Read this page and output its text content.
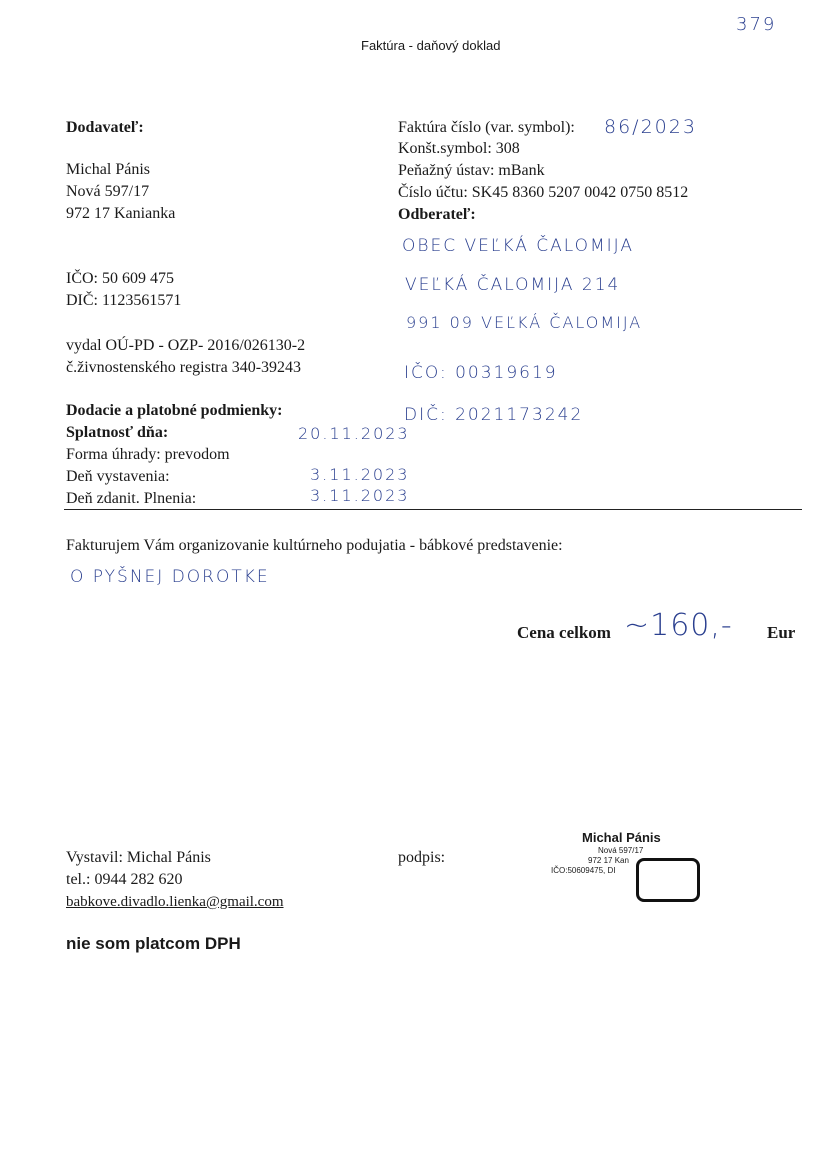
379
Faktúra - daňový doklad
Dodavateľ:
Michal Pánis
Nová 597/17
972 17 Kanianka
IČO: 50 609 475
DIČ: 1123561571
vydal OÚ-PD - OZP- 2016/026130-2
č.živnostenského registra 340-39243
Faktúra číslo (var. symbol): 86/2023
Konšt.symbol: 308
Peňažný ústav: mBank
Číslo účtu: SK45 8360 5207 0042 0750 8512
Odberateľ:
OBEC VEĽKÁ ČALOMIJA
VEĽKÁ ČALOMIJA 214
991 09 VEĽKÁ ČALOMIJA
IČO: 00319619
DIČ: 2021173242
Dodacie a platobné podmienky:
Splatnosť dňa:	20.11.2023
Forma úhrady: prevodom
Deň vystavenia:	3.11.2023
Deň zdanit. Plnenia:	3.11.2023
Fakturujem Vám organizovanie kultúrneho podujatia - bábkové predstavenie:
O PYŠNEJ DOROTKE
Cena celkom ~160,- Eur
Vystavil: Michal Pánis
tel.: 0944 282 620
babkove.divadlo.lienka@gmail.com
podpis:
Michal Pánis
Nová 597/17
972 17 Kan
IČO:50609475, DI
nie som platcom DPH
